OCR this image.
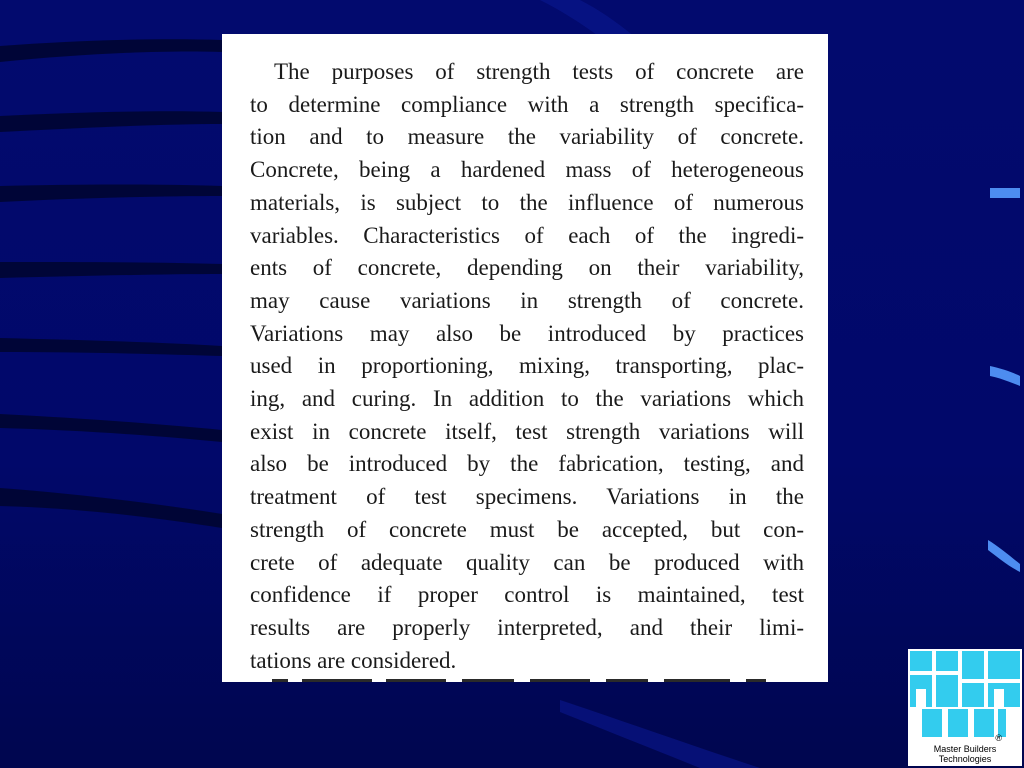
The purposes of strength tests of concrete are
to determine compliance with a strength specifica-
tion and to measure the variability of concrete.
Concrete, being a hardened mass of heterogeneous
materials, is subject to the influence of numerous
variables. Characteristics of each of the ingredi-
ents of concrete, depending on their variability,
may cause variations in strength of concrete.
Variations may also be introduced by practices
used in proportioning, mixing, transporting, plac-
ing, and curing. In addition to the variations which
exist in concrete itself, test strength variations will
also be introduced by the fabrication, testing, and
treatment of test specimens. Variations in the
strength of concrete must be accepted, but con-
crete of adequate quality can be produced with
confidence if proper control is maintained, test
results are properly interpreted, and their limi-
tations are considered.

®
Master Builders
Technologies
